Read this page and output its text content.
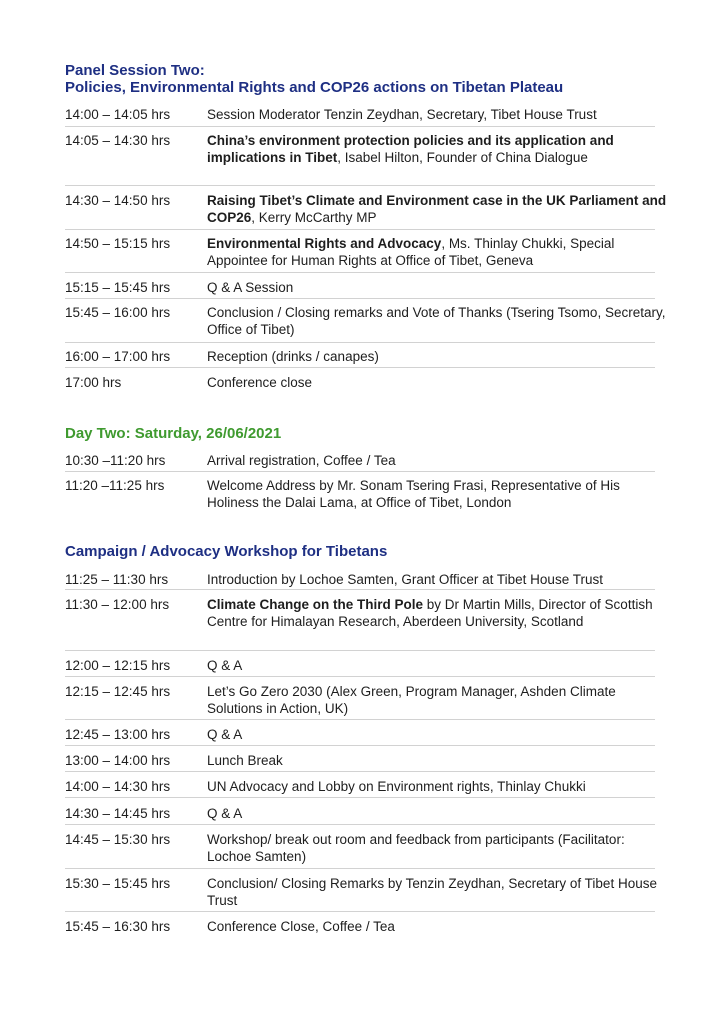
Panel Session Two:
Policies, Environmental Rights and COP26 actions on Tibetan Plateau
14:00 – 14:05 hrs	Session Moderator Tenzin Zeydhan, Secretary, Tibet House Trust
14:05 – 14:30 hrs	China’s environment protection policies and its application and implications in Tibet, Isabel Hilton, Founder of China Dialogue
14:30 – 14:50 hrs	Raising Tibet’s Climate and Environment case in the UK Parliament and COP26, Kerry McCarthy MP
14:50 – 15:15 hrs	Environmental Rights and Advocacy, Ms. Thinlay Chukki, Special Appointee for Human Rights at Office of Tibet, Geneva
15:15 – 15:45 hrs	Q & A Session
15:45 – 16:00 hrs	Conclusion / Closing remarks and Vote of Thanks (Tsering Tsomo, Secretary, Office of Tibet)
16:00 – 17:00 hrs	Reception (drinks / canapes)
17:00 hrs	Conference close
Day Two: Saturday, 26/06/2021
10:30 –11:20 hrs	Arrival registration, Coffee / Tea
11:20 –11:25 hrs	Welcome Address by Mr. Sonam Tsering Frasi, Representative of His Holiness the Dalai Lama, at Office of Tibet, London
Campaign / Advocacy Workshop for Tibetans
11:25 – 11:30 hrs	Introduction by Lochoe Samten, Grant Officer at Tibet House Trust
11:30 – 12:00 hrs	Climate Change on the Third Pole by Dr Martin Mills, Director of Scottish Centre for Himalayan Research, Aberdeen University, Scotland
12:00 – 12:15 hrs	Q & A
12:15 – 12:45 hrs	Let’s Go Zero 2030 (Alex Green, Program Manager, Ashden Climate Solutions in Action, UK)
12:45 – 13:00 hrs	Q & A
13:00 – 14:00 hrs	Lunch Break
14:00 – 14:30 hrs	UN Advocacy and Lobby on Environment rights, Thinlay Chukki
14:30 – 14:45 hrs	Q & A
14:45 – 15:30 hrs	Workshop/ break out room and feedback from participants (Facilitator: Lochoe Samten)
15:30 – 15:45 hrs	Conclusion/ Closing Remarks by Tenzin Zeydhan, Secretary of Tibet House Trust
15:45 – 16:30 hrs	Conference Close, Coffee / Tea
